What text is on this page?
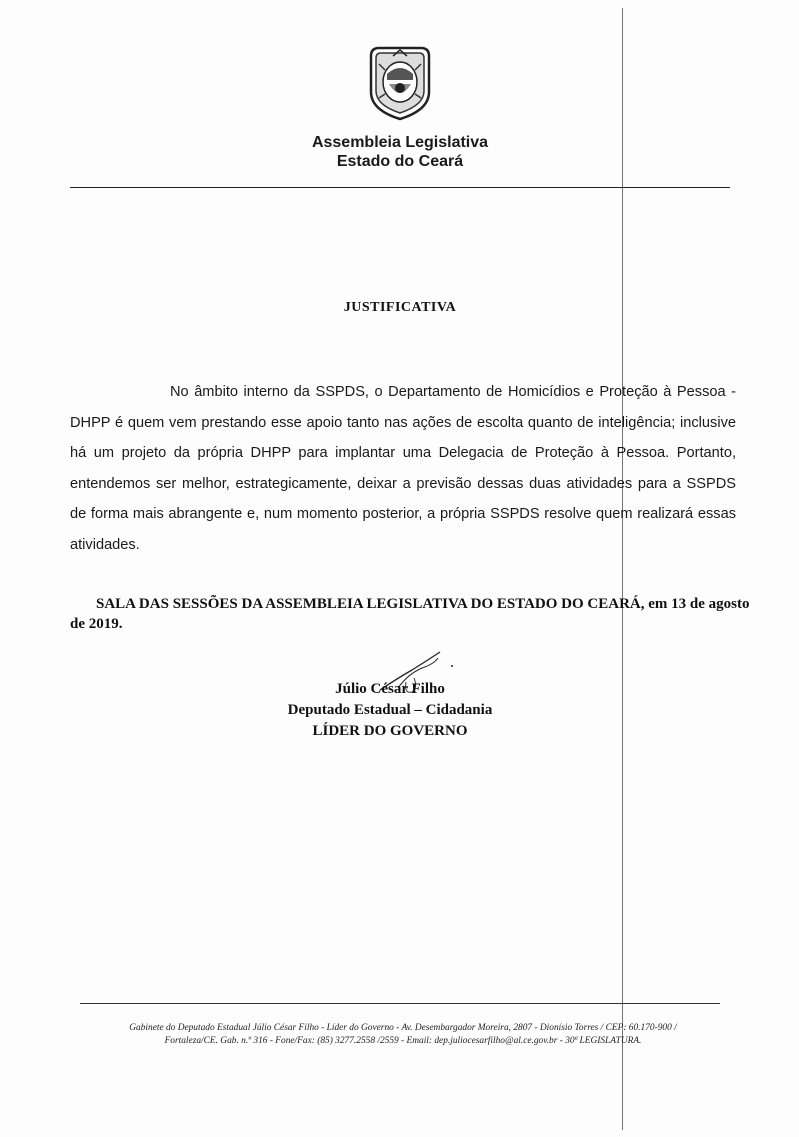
Assembleia Legislativa
Estado do Ceará
JUSTIFICATIVA
No âmbito interno da SSPDS, o Departamento de Homicídios e Proteção à Pessoa - DHPP é quem vem prestando esse apoio tanto nas ações de escolta quanto de inteligência; inclusive há um projeto da própria DHPP para implantar uma Delegacia de Proteção à Pessoa. Portanto, entendemos ser melhor, estrategicamente, deixar a previsão dessas duas atividades para a SSPDS de forma mais abrangente e, num momento posterior, a própria SSPDS resolve quem realizará essas atividades.
SALA DAS SESSÕES DA ASSEMBLEIA LEGISLATIVA DO ESTADO DO CEARÁ, em 13 de agosto de 2019.
Júlio César Filho
Deputado Estadual – Cidadania
LÍDER DO GOVERNO
Gabinete do Deputado Estadual Júlio César Filho - Líder do Governo - Av. Desembargador Moreira, 2807 - Dionísio Torres / CEP: 60.170-900 /
Fortaleza/CE. Gab. n.º 316 - Fone/Fax: (85) 3277.2558 /2559 - Email: dep.juliocesarfilho@al.ce.gov.br - 30ª LEGISLATURA.
